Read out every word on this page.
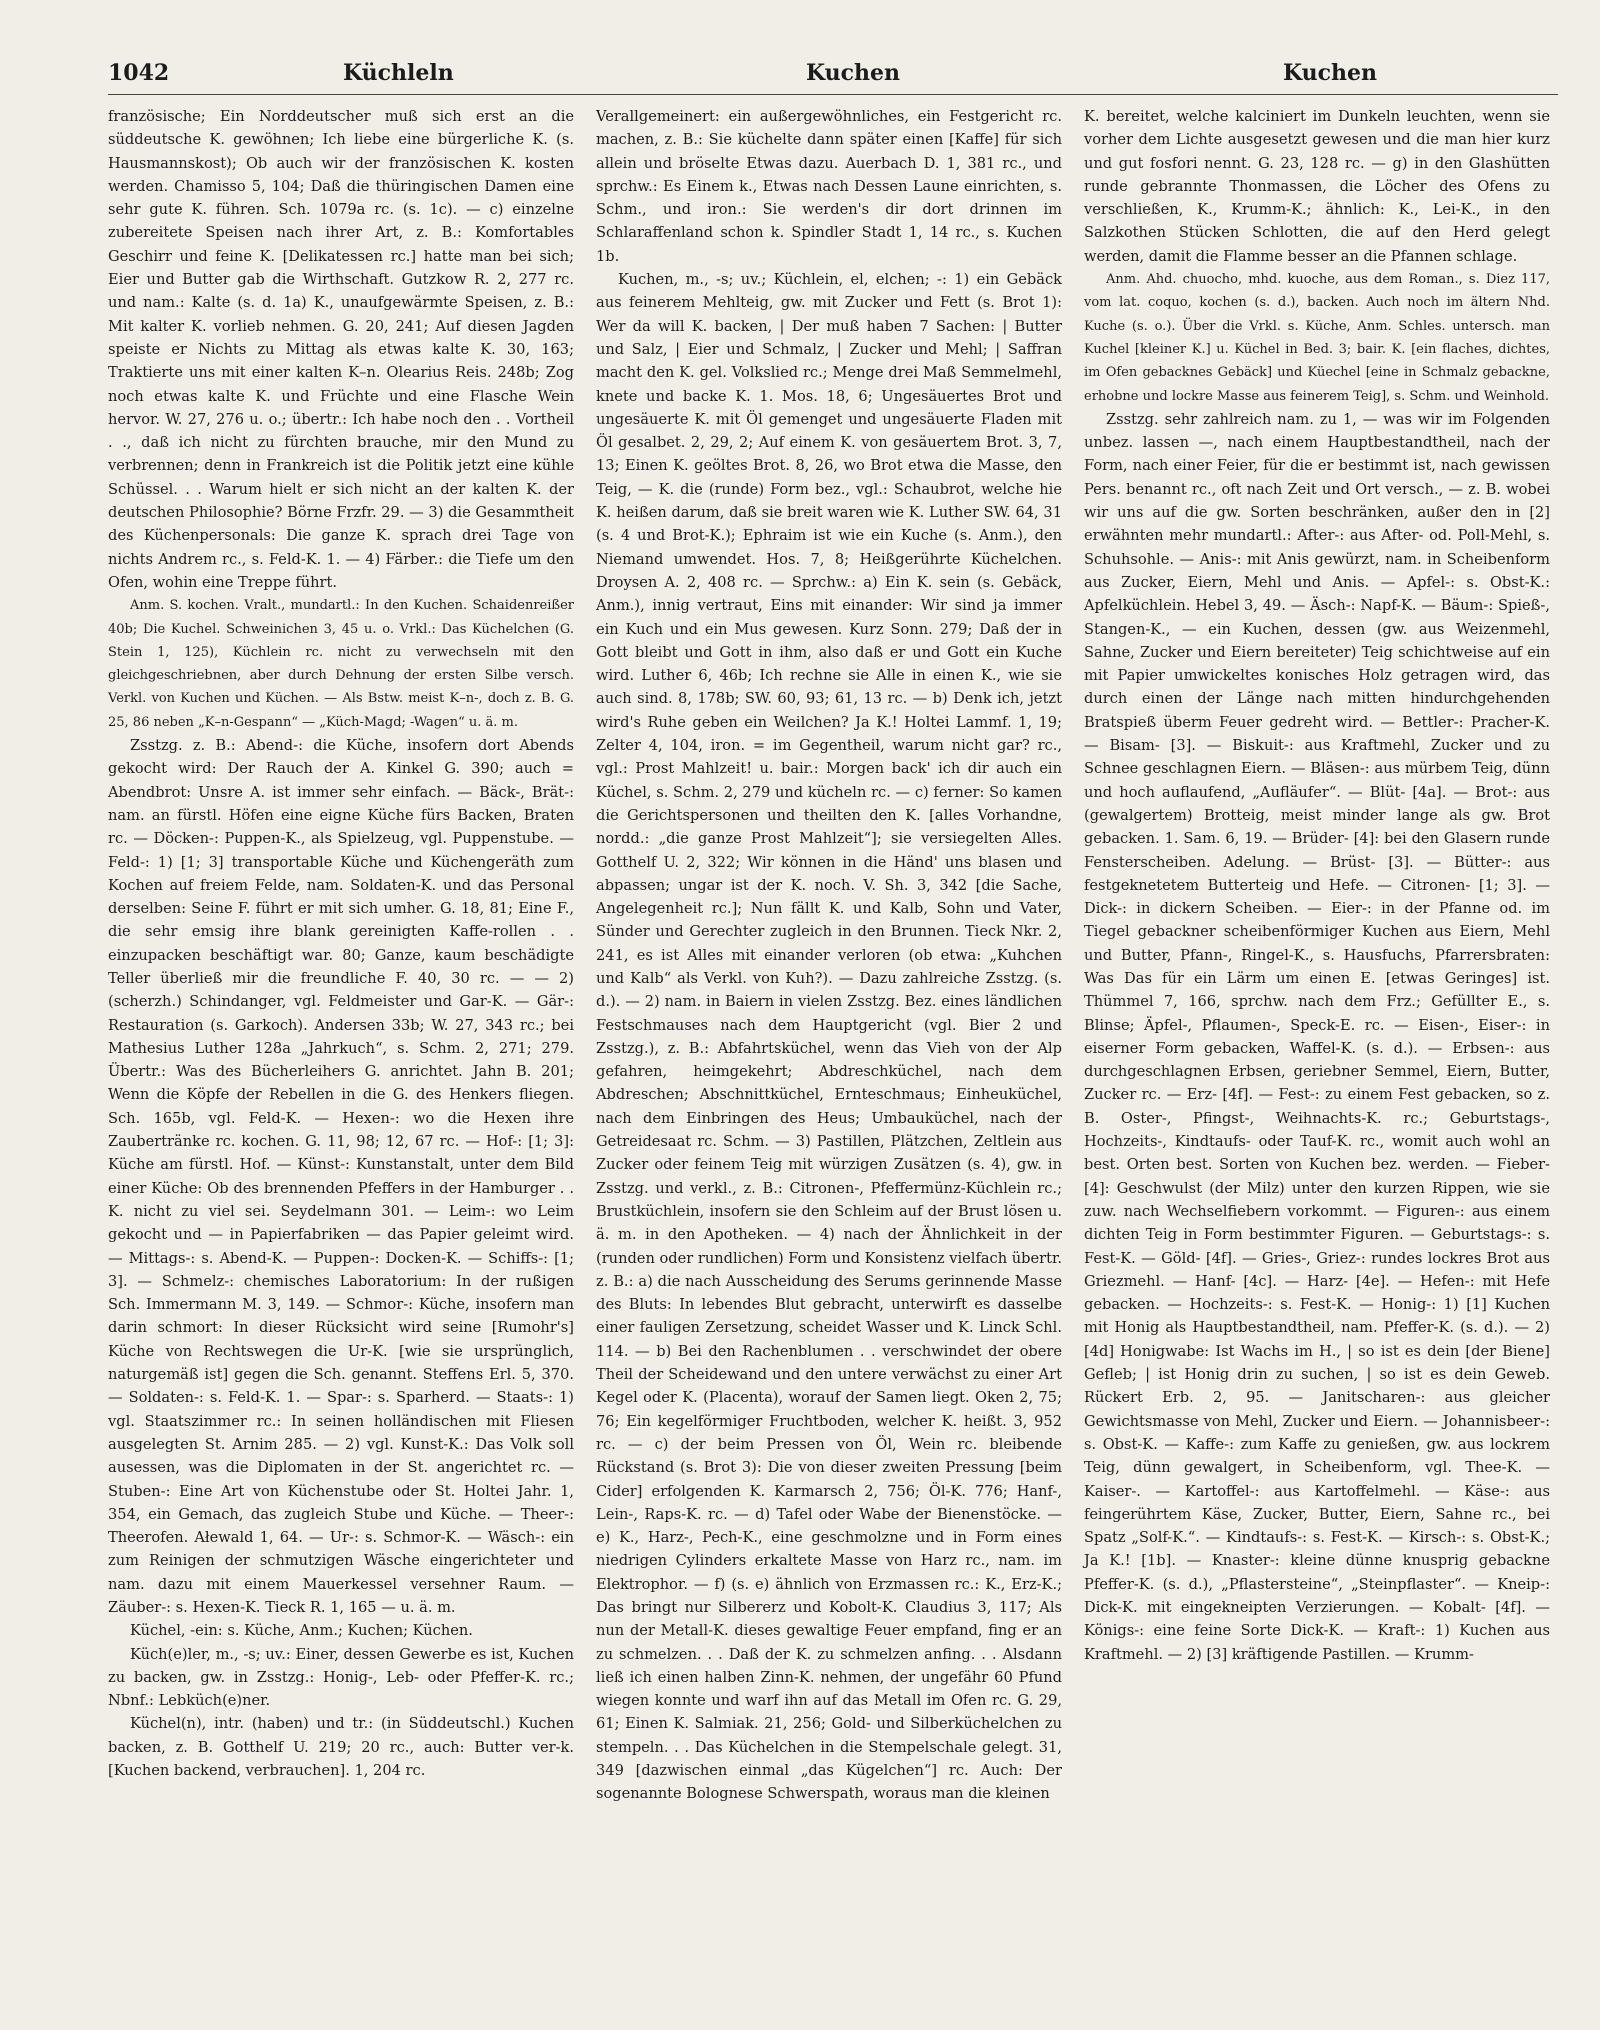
1042	Küchleln	Kuchen	Kuchen

französische; Ein Norddeutscher muß sich erst an die süddeutsche K. gewöhnen; Ich liebe eine bürgerliche K. (s. Hausmannskost); Ob auch wir der französischen K. kosten werden. Chamisso 5, 104; Daß die thüringischen Damen eine sehr gute K. führen. Sch. 1079a rc. (s. 1c). — c) einzelne zubereitete Speisen nach ihrer Art, z. B.: Komfortables Geschirr und feine K. [Delikatessen rc.] hatte man bei sich; Eier und Butter gab die Wirthschaft. Gutzkow R. 2, 277 rc. und nam.: Kalte (s. d. 1a) K., unaufgewärmte Speisen, z. B.: Mit kalter K. vorlieb nehmen. G. 20, 241; Auf diesen Jagden speiste er Nichts zu Mittag als etwas kalte K. 30, 163; Traktierte uns mit einer kalten K–n. Olearius Reis. 248b; Zog noch etwas kalte K. und Früchte und eine Flasche Wein hervor. W. 27, 276 u. o.; übertr.: Ich habe noch den . . Vortheil . ., daß ich nicht zu fürchten brauche, mir den Mund zu verbrennen; denn in Frankreich ist die Politik jetzt eine kühle Schüssel. . . Warum hielt er sich nicht an der kalten K. der deutschen Philosophie? Börne Frzfr. 29. — 3) die Gesammtheit des Küchenpersonals: Die ganze K. sprach drei Tage von nichts Andrem rc., s. Feld-K. 1. — 4) Färber.: die Tiefe um den Ofen, wohin eine Treppe führt.

Anm. S. kochen. Vralt., mundartl.: In den Kuchen. Schaidenreißer 40b; Die Kuchel. Schweinichen 3, 45 u. o. Vrkl.: Das Küchelchen (G. Stein 1, 125), Küchlein rc. nicht zu verwechseln mit den gleichgeschriebnen, aber durch Dehnung der ersten Silbe versch. Verkl. von Kuchen und Küchen. — Als Bstw. meist K–n-, doch z. B. G. 25, 86 neben „K–n-Gespann“ — „Küch-Magd; -Wagen“ u. ä. m.

Zsstzg. z. B.: Abend-: die Küche, insofern dort Abends gekocht wird: Der Rauch der A. Kinkel G. 390; auch = Abendbrot: Unsre A. ist immer sehr einfach. — Bäck-, Brät-: nam. an fürstl. Höfen eine eigne Küche fürs Backen, Braten rc. — Döcken-: Puppen-K., als Spielzeug, vgl. Puppenstube. — Feld-: 1) [1; 3] transportable Küche und Küchengeräth zum Kochen auf freiem Felde, nam. Soldaten-K. und das Personal derselben: Seine F. führt er mit sich umher. G. 18, 81; Eine F., die sehr emsig ihre blank gereinigten Kaffe-rollen . . einzupacken beschäftigt war. 80; Ganze, kaum beschädigte Teller überließ mir die freundliche F. 40, 30 rc. — — 2) (scherzh.) Schindanger, vgl. Feldmeister und Gar-K. — Gär-: Restauration (s. Garkoch). Andersen 33b; W. 27, 343 rc.; bei Mathesius Luther 128a „Jahrkuch“, s. Schm. 2, 271; 279. Übertr.: Was des Bücherleihers G. anrichtet. Jahn B. 201; Wenn die Köpfe der Rebellen in die G. des Henkers fliegen. Sch. 165b, vgl. Feld-K. — Hexen-: wo die Hexen ihre Zaubertränke rc. kochen. G. 11, 98; 12, 67 rc. — Hof-: [1; 3]: Küche am fürstl. Hof. — Künst-: Kunstanstalt, unter dem Bild einer Küche: Ob des brennenden Pfeffers in der Hamburger . . K. nicht zu viel sei. Seydelmann 301. — Leim-: wo Leim gekocht und — in Papierfabriken — das Papier geleimt wird. — Mittags-: s. Abend-K. — Puppen-: Docken-K. — Schiffs-: [1; 3]. — Schmelz-: chemisches Laboratorium: In der rußigen Sch. Immermann M. 3, 149. — Schmor-: Küche, insofern man darin schmort: In dieser Rücksicht wird seine [Rumohr's] Küche von Rechtswegen die Ur-K. [wie sie ursprünglich, naturgemäß ist] gegen die Sch. genannt. Steffens Erl. 5, 370. — Soldaten-: s. Feld-K. 1. — Spar-: s. Sparherd. — Staats-: 1) vgl. Staatszimmer rc.: In seinen holländischen mit Fliesen ausgelegten St. Arnim 285. — 2) vgl. Kunst-K.: Das Volk soll ausessen, was die Diplomaten in der St. angerichtet rc. — Stuben-: Eine Art von Küchenstube oder St. Holtei Jahr. 1, 354, ein Gemach, das zugleich Stube und Küche. — Theer-: Theerofen. Ałewald 1, 64. — Ur-: s. Schmor-K. — Wäsch-: ein zum Reinigen der schmutzigen Wäsche eingerichteter und nam. dazu mit einem Mauerkessel versehner Raum. — Zäuber-: s. Hexen-K. Tieck R. 1, 165 — u. ä. m.

Küchel, -ein: s. Küche, Anm.; Kuchen; Küchen.

Küch(e)ler, m., -s; uv.: Einer, dessen Gewerbe es ist, Kuchen zu backen, gw. in Zsstzg.: Honig-, Leb- oder Pfeffer-K. rc.; Nbnf.: Lebküch(e)ner.

Küchel(n), intr. (haben) und tr.: (in Süddeutschl.) Kuchen backen, z. B. Gotthelf U. 219; 20 rc., auch: Butter ver-k. [Kuchen backend, verbrauchen]. 1, 204 rc.

Verallgemeinert: ein außergewöhnliches, ein Festgericht rc. machen, z. B.: Sie küchelte dann später einen [Kaffe] für sich allein und bröselte Etwas dazu. Auerbach D. 1, 381 rc., und sprchw.: Es Einem k., Etwas nach Dessen Laune einrichten, s. Schm., und iron.: Sie werden's dir dort drinnen im Schlaraffenland schon k. Spindler Stadt 1, 14 rc., s. Kuchen 1b.

Kuchen, m., -s; uv.; Küchlein, el, elchen; -: 1) ein Gebäck aus feinerem Mehlteig, gw. mit Zucker und Fett (s. Brot 1): Wer da will K. backen, | Der muß haben 7 Sachen: | Butter und Salz, | Eier und Schmalz, | Zucker und Mehl; | Saffran macht den K. gel. Volkslied rc.; Menge drei Maß Semmelmehl, knete und backe K. 1. Mos. 18, 6; Ungesäuertes Brot und ungesäuerte K. mit Öl gemenget und ungesäuerte Fladen mit Öl gesalbet. 2, 29, 2; Auf einem K. von gesäuertem Brot. 3, 7, 13; Einen K. geöltes Brot. 8, 26, wo Brot etwa die Masse, den Teig, — K. die (runde) Form bez., vgl.: Schaubrot, welche hie K. heißen darum, daß sie breit waren wie K. Luther SW. 64, 31 (s. 4 und Brot-K.); Ephraim ist wie ein Kuche (s. Anm.), den Niemand umwendet. Hos. 7, 8; Heißgerührte Küchelchen. Droysen A. 2, 408 rc. — Sprchw.: a) Ein K. sein (s. Gebäck, Anm.), innig vertraut, Eins mit einander: Wir sind ja immer ein Kuch und ein Mus gewesen. Kurz Sonn. 279; Daß der in Gott bleibt und Gott in ihm, also daß er und Gott ein Kuche wird. Luther 6, 46b; Ich rechne sie Alle in einen K., wie sie auch sind. 8, 178b; SW. 60, 93; 61, 13 rc. — b) Denk ich, jetzt wird's Ruhe geben ein Weilchen? Ja K.! Holtei Lammf. 1, 19; Zelter 4, 104, iron. = im Gegentheil, warum nicht gar? rc., vgl.: Prost Mahlzeit! u. bair.: Morgen back' ich dir auch ein Küchel, s. Schm. 2, 279 und kücheln rc. — c) ferner: So kamen die Gerichtspersonen und theilten den K. [alles Vorhandne, nordd.: „die ganze Prost Mahlzeit“]; sie versiegelten Alles. Gotthelf U. 2, 322; Wir können in die Händ' uns blasen und abpassen; ungar ist der K. noch. V. Sh. 3, 342 [die Sache, Angelegenheit rc.]; Nun fällt K. und Kalb, Sohn und Vater, Sünder und Gerechter zugleich in den Brunnen. Tieck Nkr. 2, 241, es ist Alles mit einander verloren (ob etwa: „Kuhchen und Kalb“ als Verkl. von Kuh?). — Dazu zahlreiche Zsstzg. (s. d.). — 2) nam. in Baiern in vielen Zsstzg. Bez. eines ländlichen Festschmauses nach dem Hauptgericht (vgl. Bier 2 und Zsstzg.), z. B.: Abfahrtsküchel, wenn das Vieh von der Alp gefahren, heimgekehrt; Abdreschküchel, nach dem Abdreschen; Abschnittküchel, Ernteschmaus; Einheuküchel, nach dem Einbringen des Heus; Umbauküchel, nach der Getreidesaat rc. Schm. — 3) Pastillen, Plätzchen, Zeltlein aus Zucker oder feinem Teig mit würzigen Zusätzen (s. 4), gw. in Zsstzg. und verkl., z. B.: Citronen-, Pfeffermünz-Küchlein rc.; Brustküchlein, insofern sie den Schleim auf der Brust lösen u. ä. m. in den Apotheken. — 4) nach der Ähnlichkeit in der (runden oder rundlichen) Form und Konsistenz vielfach übertr. z. B.: a) die nach Ausscheidung des Serums gerinnende Masse des Bluts: In lebendes Blut gebracht, unterwirft es dasselbe einer fauligen Zersetzung, scheidet Wasser und K. Linck Schl. 114. — b) Bei den Rachenblumen . . verschwindet der obere Theil der Scheidewand und den untere verwächst zu einer Art Kegel oder K. (Placenta), worauf der Samen liegt. Oken 2, 75; 76; Ein kegelförmiger Fruchtboden, welcher K. heißt. 3, 952 rc. — c) der beim Pressen von Öl, Wein rc. bleibende Rückstand (s. Brot 3): Die von dieser zweiten Pressung [beim Cider] erfolgenden K. Karmarsch 2, 756; Öl-K. 776; Hanf-, Lein-, Raps-K. rc. — d) Tafel oder Wabe der Bienenstöcke. — e) K., Harz-, Pech-K., eine geschmolzne und in Form eines niedrigen Cylinders erkaltete Masse von Harz rc., nam. im Elektrophor. — f) (s. e) ähnlich von Erzmassen rc.: K., Erz-K.; Das bringt nur Silbererz und Kobolt-K. Claudius 3, 117; Als nun der Metall-K. dieses gewaltige Feuer empfand, fing er an zu schmelzen. . . Daß der K. zu schmelzen anfing. . . Alsdann ließ ich einen halben Zinn-K. nehmen, der ungefähr 60 Pfund wiegen konnte und warf ihn auf das Metall im Ofen rc. G. 29, 61; Einen K. Salmiak. 21, 256; Gold- und Silberküchelchen zu stempeln. . . Das Küchelchen in die Stempelschale gelegt. 31, 349 [dazwischen einmal „das Kügelchen“] rc. Auch: Der sogenannte Bolognese Schwerspath, woraus man die kleinen

K. bereitet, welche kalciniert im Dunkeln leuchten, wenn sie vorher dem Lichte ausgesetzt gewesen und die man hier kurz und gut fosfori nennt. G. 23, 128 rc. — g) in den Glashütten runde gebrannte Thonmassen, die Löcher des Ofens zu verschließen, K., Krumm-K.; ähnlich: K., Lei-K., in den Salzkothen Stücken Schlotten, die auf den Herd gelegt werden, damit die Flamme besser an die Pfannen schlage.

Anm. Ahd. chuocho, mhd. kuoche, aus dem Roman., s. Diez 117, vom lat. coquo, kochen (s. d.), backen. Auch noch im ältern Nhd. Kuche (s. o.). Über die Vrkl. s. Küche, Anm. Schles. untersch. man Kuchel [kleiner K.] u. Küchel in Bed. 3; bair. K. [ein flaches, dichtes, im Ofen gebacknes Gebäck] und Küechel [eine in Schmalz gebackne, erhobne und lockre Masse aus feinerem Teig], s. Schm. und Weinhold.

Zsstzg. sehr zahlreich nam. zu 1, — was wir im Folgenden unbez. lassen —, nach einem Hauptbestandtheil, nach der Form, nach einer Feier, für die er bestimmt ist, nach gewissen Pers. benannt rc., oft nach Zeit und Ort versch., — z. B. wobei wir uns auf die gw. Sorten beschränken, außer den in [2] erwähnten mehr mundartl.: After-: aus After- od. Poll-Mehl, s. Schuhsohle. — Anis-: mit Anis gewürzt, nam. in Scheibenform aus Zucker, Eiern, Mehl und Anis. — Apfel-: s. Obst-K.: Apfelküchlein. Hebel 3, 49. — Äsch-: Napf-K. — Bäum-: Spieß-, Stangen-K., — ein Kuchen, dessen (gw. aus Weizenmehl, Sahne, Zucker und Eiern bereiteter) Teig schichtweise auf ein mit Papier umwickeltes konisches Holz getragen wird, das durch einen der Länge nach mitten hindurchgehenden Bratspieß überm Feuer gedreht wird. — Bettler-: Pracher-K. — Bisam- [3]. — Biskuit-: aus Kraftmehl, Zucker und zu Schnee geschlagnen Eiern. — Bläsen-: aus mürbem Teig, dünn und hoch auflaufend, „Aufläufer“. — Blüt- [4a]. — Brot-: aus (gewalgertem) Brotteig, meist minder lange als gw. Brot gebacken. 1. Sam. 6, 19. — Brüder- [4]: bei den Glasern runde Fensterscheiben. Adelung. — Brüst- [3]. — Bütter-: aus festgeknetetem Butterteig und Hefe. — Citronen- [1; 3]. — Dick-: in dickern Scheiben. — Eier-: in der Pfanne od. im Tiegel gebackner scheibenförmiger Kuchen aus Eiern, Mehl und Butter, Pfann-, Ringel-K., s. Hausfuchs, Pfarrersbraten: Was Das für ein Lärm um einen E. [etwas Geringes] ist. Thümmel 7, 166, sprchw. nach dem Frz.; Gefüllter E., s. Blinse; Äpfel-, Pflaumen-, Speck-E. rc. — Eisen-, Eiser-: in eiserner Form gebacken, Waffel-K. (s. d.). — Erbsen-: aus durchgeschlagnen Erbsen, geriebner Semmel, Eiern, Butter, Zucker rc. — Erz- [4f]. — Fest-: zu einem Fest gebacken, so z. B. Oster-, Pfingst-, Weihnachts-K. rc.; Geburtstags-, Hochzeits-, Kindtaufs- oder Tauf-K. rc., womit auch wohl an best. Orten best. Sorten von Kuchen bez. werden. — Fieber- [4]: Geschwulst (der Milz) unter den kurzen Rippen, wie sie zuw. nach Wechselfiebern vorkommt. — Figuren-: aus einem dichten Teig in Form bestimmter Figuren. — Geburtstags-: s. Fest-K. — Göld- [4f]. — Gries-, Griez-: rundes lockres Brot aus Griezmehl. — Hanf- [4c]. — Harz- [4e]. — Hefen-: mit Hefe gebacken. — Hochzeits-: s. Fest-K. — Honig-: 1) [1] Kuchen mit Honig als Hauptbestandtheil, nam. Pfeffer-K. (s. d.). — 2) [4d] Honigwabe: Ist Wachs im H., | so ist es dein [der Biene] Gefleb; | ist Honig drin zu suchen, | so ist es dein Geweb. Rückert Erb. 2, 95. — Janitscharen-: aus gleicher Gewichtsmasse von Mehl, Zucker und Eiern. — Johannisbeer-: s. Obst-K. — Kaffe-: zum Kaffe zu genießen, gw. aus lockrem Teig, dünn gewalgert, in Scheibenform, vgl. Thee-K. — Kaiser-. — Kartoffel-: aus Kartoffelmehl. — Käse-: aus feingerührtem Käse, Zucker, Butter, Eiern, Sahne rc., bei Spatz „Solf-K.“. — Kindtaufs-: s. Fest-K. — Kirsch-: s. Obst-K.; Ja K.! [1b]. — Knaster-: kleine dünne knusprig gebackne Pfeffer-K. (s. d.), „Pflastersteine“, „Steinpflaster“. — Kneip-: Dick-K. mit eingekneipten Verzierungen. — Kobalt- [4f]. — Königs-: eine feine Sorte Dick-K. — Kraft-: 1) Kuchen aus Kraftmehl. — 2) [3] kräftigende Pastillen. — Krumm-
